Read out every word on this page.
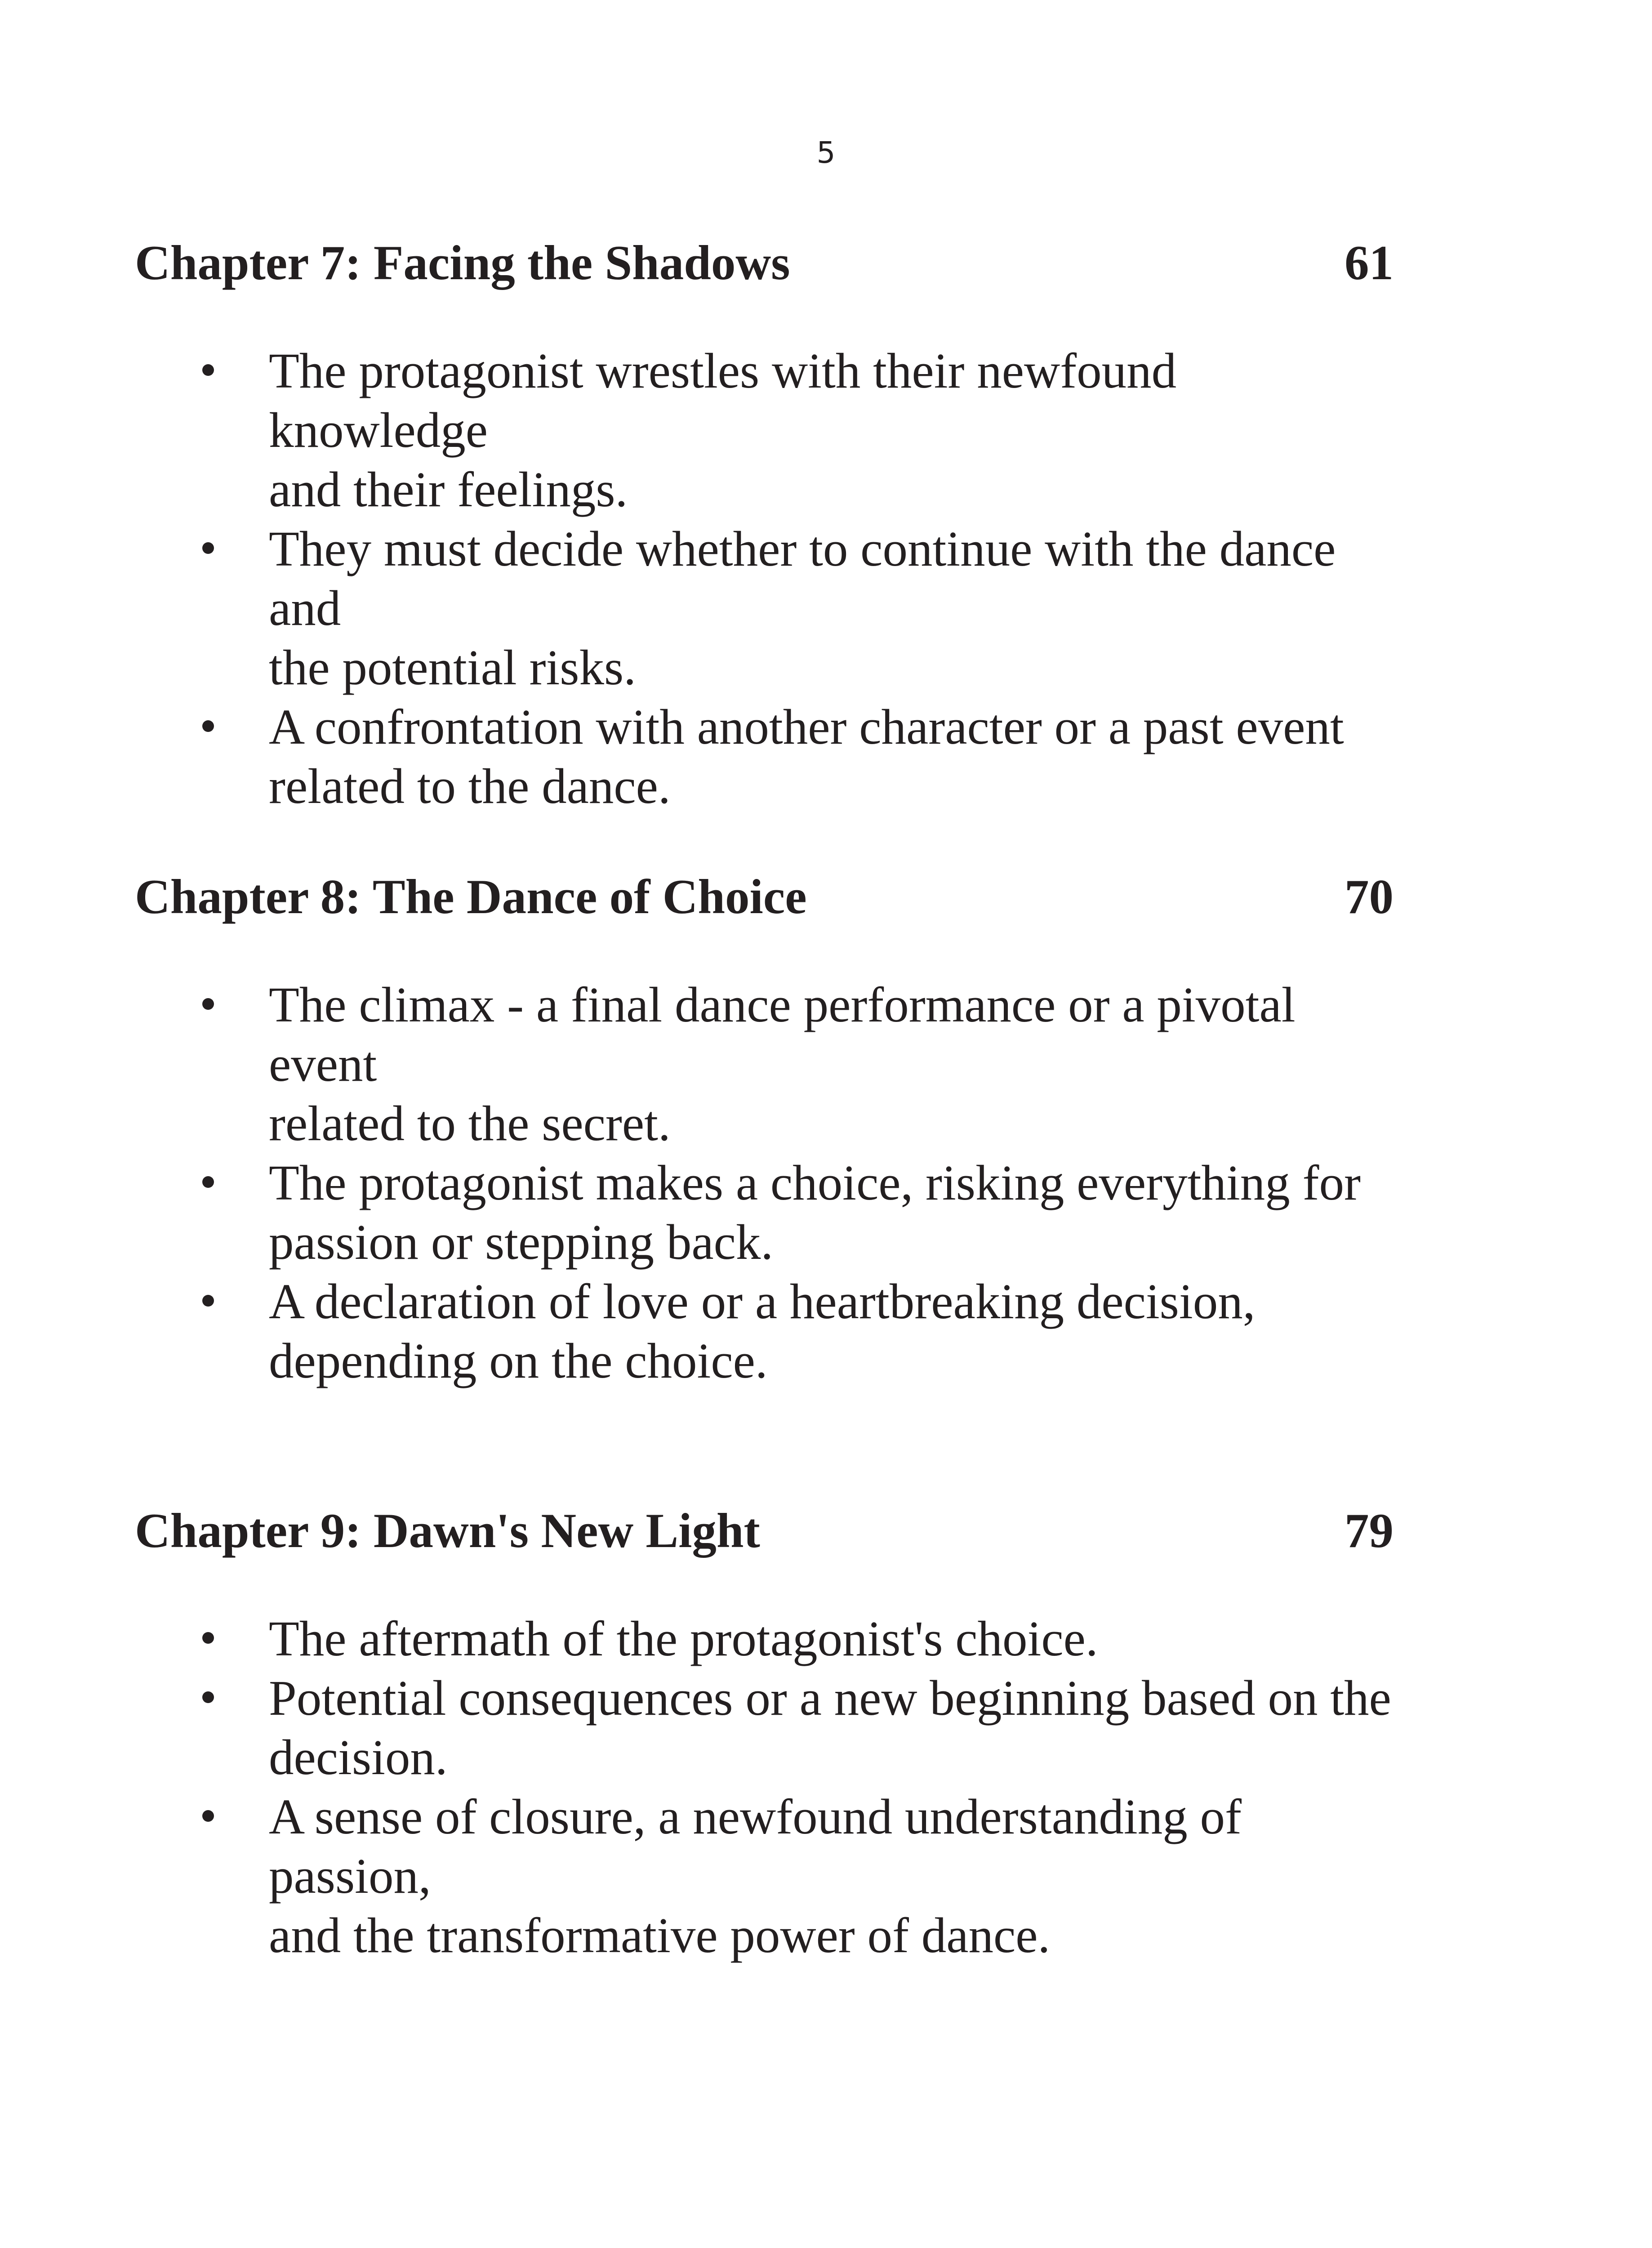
5
Chapter 7: Facing the Shadows	61
The protagonist wrestles with their newfound knowledge
and their feelings.
They must decide whether to continue with the dance and
the potential risks.
A confrontation with another character or a past event
related to the dance.
Chapter 8: The Dance of Choice	70
The climax - a final dance performance or a pivotal event
related to the secret.
The protagonist makes a choice, risking everything for
passion or stepping back.
A declaration of love or a heartbreaking decision,
depending on the choice.
Chapter 9: Dawn's New Light	79
The aftermath of the protagonist's choice.
Potential consequences or a new beginning based on the
decision.
A sense of closure, a newfound understanding of passion,
and the transformative power of dance.
